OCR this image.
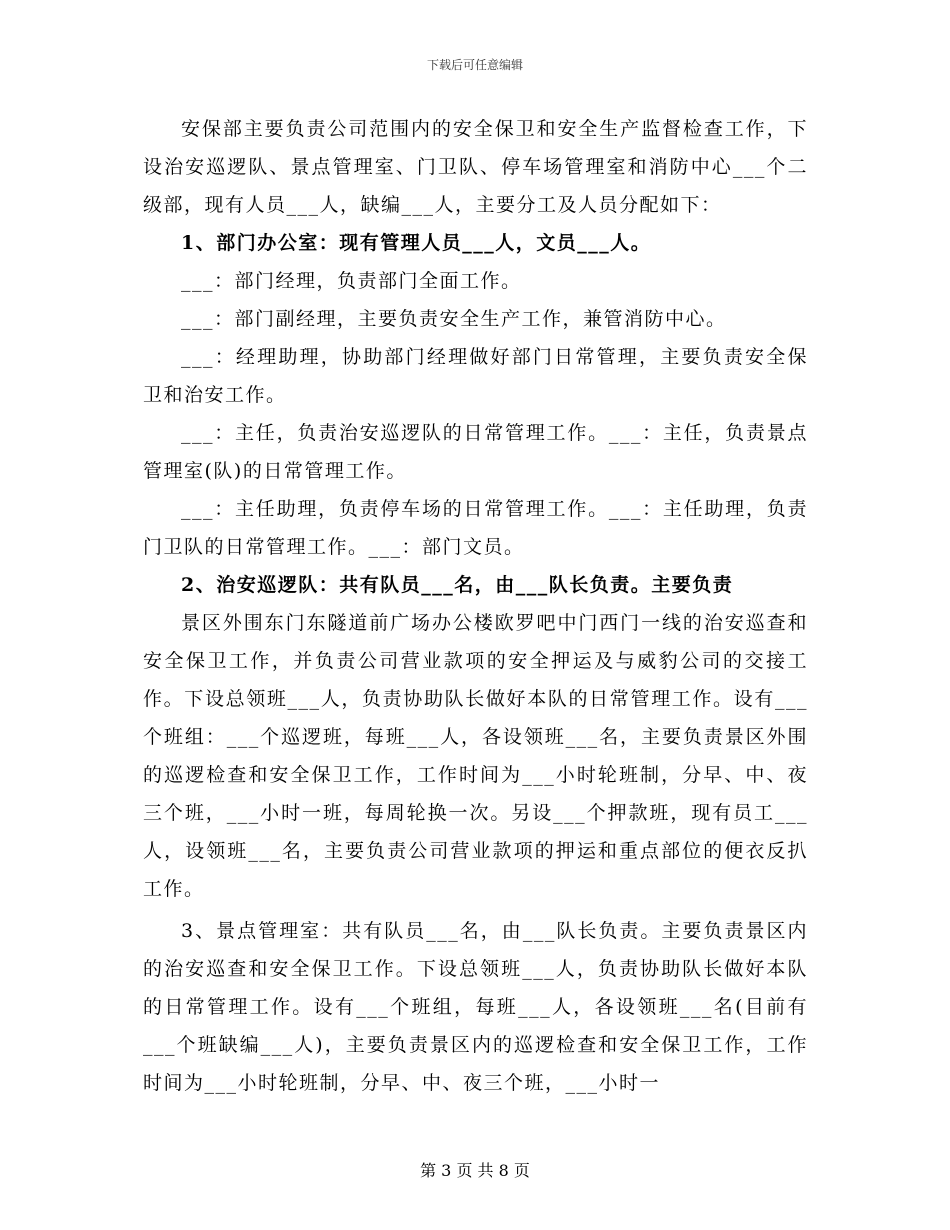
下载后可任意编辑

安保部主要负责公司范围内的安全保卫和安全生产监督检查工作，下设治安巡逻队、景点管理室、门卫队、停车场管理室和消防中心___个二级部，现有人员___人，缺编___人，主要分工及人员分配如下：

1、部门办公室：现有管理人员___人，文员___人。

___：部门经理，负责部门全面工作。

___：部门副经理，主要负责安全生产工作，兼管消防中心。

___：经理助理，协助部门经理做好部门日常管理，主要负责安全保卫和治安工作。

___：主任，负责治安巡逻队的日常管理工作。___：主任，负责景点管理室(队)的日常管理工作。

___：主任助理，负责停车场的日常管理工作。___：主任助理，负责门卫队的日常管理工作。___：部门文员。

2、治安巡逻队：共有队员___名，由___队长负责。主要负责

景区外围东门东隧道前广场办公楼欧罗吧中门西门一线的治安巡查和安全保卫工作，并负责公司营业款项的安全押运及与威豹公司的交接工作。下设总领班___人，负责协助队长做好本队的日常管理工作。设有___个班组：___个巡逻班，每班___人，各设领班___名，主要负责景区外围的巡逻检查和安全保卫工作，工作时间为___小时轮班制，分早、中、夜三个班，___小时一班，每周轮换一次。另设___个押款班，现有员工___人，设领班___名，主要负责公司营业款项的押运和重点部位的便衣反扒工作。

3、景点管理室：共有队员___名，由___队长负责。主要负责景区内的治安巡查和安全保卫工作。下设总领班___人，负责协助队长做好本队的日常管理工作。设有___个班组，每班___人，各设领班___名(目前有___个班缺编___人)，主要负责景区内的巡逻检查和安全保卫工作，工作时间为___小时轮班制，分早、中、夜三个班，___小时一

第 3 页 共 8 页
